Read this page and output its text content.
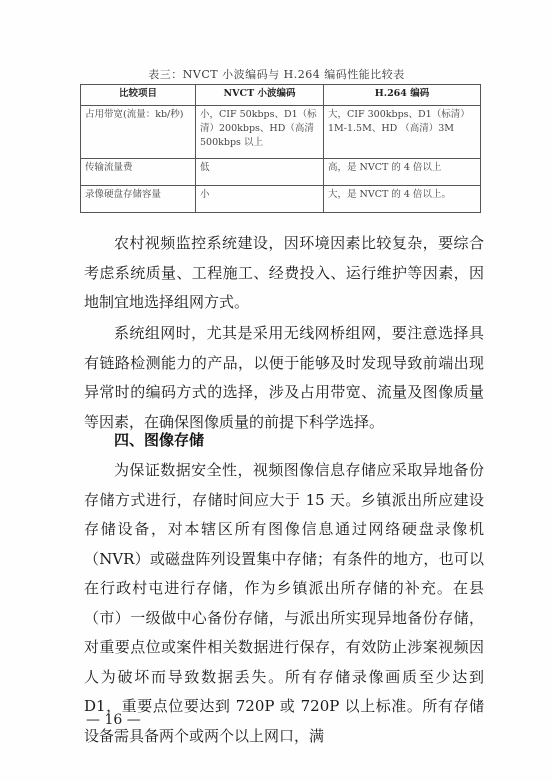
表三：NVCT 小波编码与 H.264 编码性能比较表
比较项目	NVCT 小波编码	H.264 编码
占用带宽(流量：kb/秒)	小，CIF 50kbps、D1（标清）200kbps、HD（高清 500kbps 以上	大，CIF 300kbps、D1（标清）1M-1.5M、HD （高清）3M
传输流量费	低	高，是 NVCT 的 4 倍以上
录像硬盘存储容量	小	大，是 NVCT 的 4 倍以上。

农村视频监控系统建设，因环境因素比较复杂，要综合考虑系统质量、工程施工、经费投入、运行维护等因素，因地制宜地选择组网方式。

系统组网时，尤其是采用无线网桥组网，要注意选择具有链路检测能力的产品，以便于能够及时发现导致前端出现异常时的编码方式的选择，涉及占用带宽、流量及图像质量等因素，在确保图像质量的前提下科学选择。

四、图像存储

为保证数据安全性，视频图像信息存储应采取异地备份存储方式进行，存储时间应大于 15 天。乡镇派出所应建设存储设备，对本辖区所有图像信息通过网络硬盘录像机（NVR）或磁盘阵列设置集中存储；有条件的地方，也可以在行政村屯进行存储，作为乡镇派出所存储的补充。在县（市）一级做中心备份存储，与派出所实现异地备份存储，对重要点位或案件相关数据进行保存，有效防止涉案视频因人为破坏而导致数据丢失。所有存储录像画质至少达到 D1，重要点位要达到 720P 或 720P 以上标准。所有存储设备需具备两个或两个以上网口，满

— 16 —
